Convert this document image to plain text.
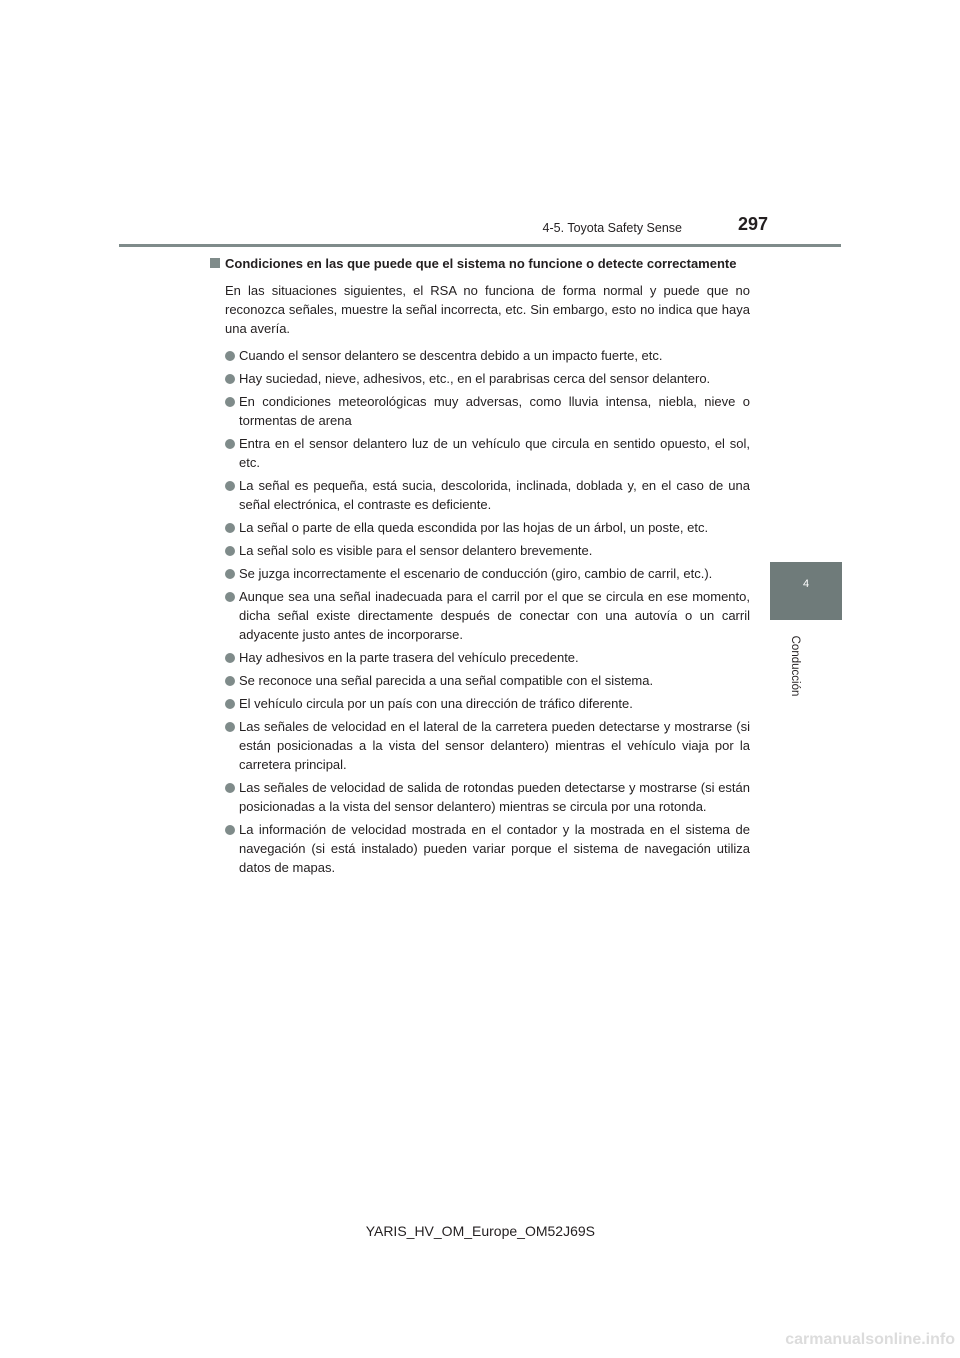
4-5. Toyota Safety Sense	297
4
Conducción
Condiciones en las que puede que el sistema no funcione o detecte correctamente

En las situaciones siguientes, el RSA no funciona de forma normal y puede que no reconozca señales, muestre la señal incorrecta, etc. Sin embargo, esto no indica que haya una avería.

Cuando el sensor delantero se descentra debido a un impacto fuerte, etc.
Hay suciedad, nieve, adhesivos, etc., en el parabrisas cerca del sensor delantero.
En condiciones meteorológicas muy adversas, como lluvia intensa, niebla, nieve o tormentas de arena
Entra en el sensor delantero luz de un vehículo que circula en sentido opuesto, el sol, etc.
La señal es pequeña, está sucia, descolorida, inclinada, doblada y, en el caso de una señal electrónica, el contraste es deficiente.
La señal o parte de ella queda escondida por las hojas de un árbol, un poste, etc.
La señal solo es visible para el sensor delantero brevemente.
Se juzga incorrectamente el escenario de conducción (giro, cambio de carril, etc.).
Aunque sea una señal inadecuada para el carril por el que se circula en ese momento, dicha señal existe directamente después de conectar con una autovía o un carril adyacente justo antes de incorporarse.
Hay adhesivos en la parte trasera del vehículo precedente.
Se reconoce una señal parecida a una señal compatible con el sistema.
El vehículo circula por un país con una dirección de tráfico diferente.
Las señales de velocidad en el lateral de la carretera pueden detectarse y mostrarse (si están posicionadas a la vista del sensor delantero) mientras el vehículo viaja por la carretera principal.
Las señales de velocidad de salida de rotondas pueden detectarse y mostrarse (si están posicionadas a la vista del sensor delantero) mientras se circula por una rotonda.
La información de velocidad mostrada en el contador y la mostrada en el sistema de navegación (si está instalado) pueden variar porque el sistema de navegación utiliza datos de mapas.
YARIS_HV_OM_Europe_OM52J69S
carmanualsonline.info
